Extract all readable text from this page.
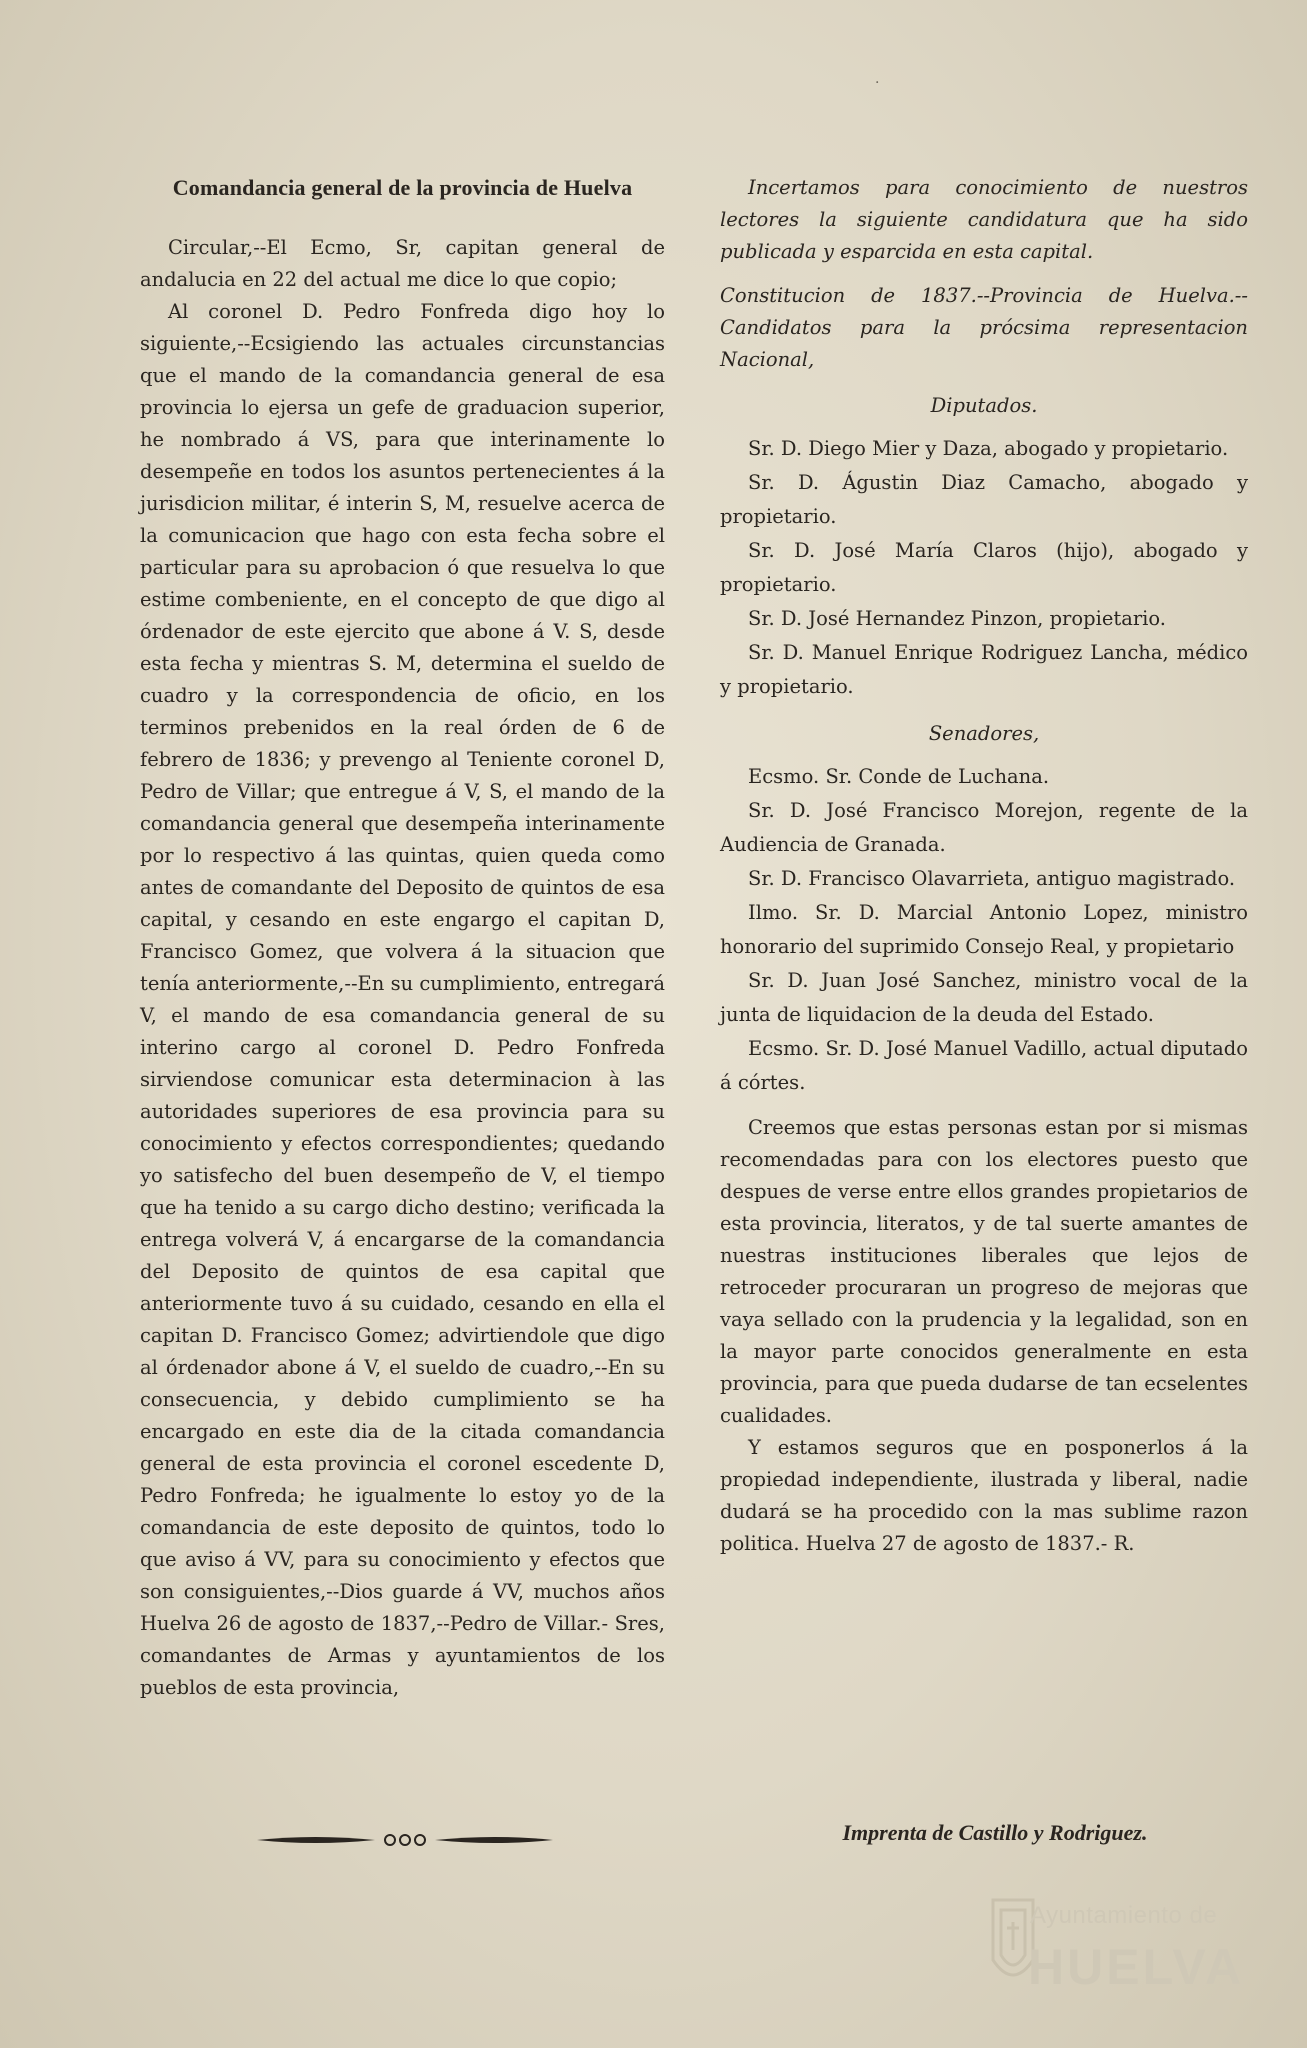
·
Comandancia general de la provincia de Huelva

Circular,--El Ecmo, Sr, capitan general de andalucia en 22 del actual me dice lo que copio;

Al coronel D. Pedro Fonfreda digo hoy lo siguiente,--Ecsigiendo las actuales circunstancias que el mando de la comandancia general de esa provincia lo ejersa un gefe de graduacion superior, he nombrado á VS, para que interinamente lo desempeñe en todos los asuntos pertenecientes á la jurisdicion militar, é interin S, M, resuelve acerca de la comunicacion que hago con esta fecha sobre el particular para su aprobacion ó que resuelva lo que estime combeniente, en el concepto de que digo al órdenador de este ejercito que abone á V. S, desde esta fecha y mientras S. M, determina el sueldo de cuadro y la correspondencia de oficio, en los terminos prebenidos en la real órden de 6 de febrero de 1836; y prevengo al Teniente coronel D, Pedro de Villar; que entregue á V, S, el mando de la comandancia general que desempeña interinamente por lo respectivo á las quintas, quien queda como antes de comandante del Deposito de quintos de esa capital, y cesando en este engargo el capitan D, Francisco Gomez, que volvera á la situacion que tenía anteriormente,--En su cumplimiento, entregará V, el mando de esa comandancia general de su interino cargo al coronel D. Pedro Fonfreda sirviendose comunicar esta determinacion à las autoridades superiores de esa provincia para su conocimiento y efectos correspondientes; quedando yo satisfecho del buen desempeño de V, el tiempo que ha tenido a su cargo dicho destino; verificada la entrega volverá V, á encargarse de la comandancia del Deposito de quintos de esa capital que anteriormente tuvo á su cuidado, cesando en ella el capitan D. Francisco Gomez; advirtiendole que digo al órdenador abone á V, el sueldo de cuadro,--En su consecuencia, y debido cumplimiento se ha encargado en este dia de la citada comandancia general de esta provincia el coronel escedente D, Pedro Fonfreda; he igualmente lo estoy yo de la comandancia de este deposito de quintos, todo lo que aviso á VV, para su conocimiento y efectos que son consiguientes,--Dios guarde á VV, muchos años Huelva 26 de agosto de 1837,--Pedro de Villar.- Sres, comandantes de Armas y ayuntamientos de los pueblos de esta provincia,

Incertamos para conocimiento de nuestros lectores la siguiente candidatura que ha sido publicada y esparcida en esta capital.

Constitucion de 1837.--Provincia de Huelva.--Candidatos para la prócsima representacion Nacional,

Diputados.

Sr. D. Diego Mier y Daza, abogado y propietario.

Sr. D. Águstin Diaz Camacho, abogado y propietario.

Sr. D. José María Claros (hijo), abogado y propietario.

Sr. D. José Hernandez Pinzon, propietario.

Sr. D. Manuel Enrique Rodriguez Lancha, médico y propietario.

Senadores,

Ecsmo. Sr. Conde de Luchana.

Sr. D. José Francisco Morejon, regente de la Audiencia de Granada.

Sr. D. Francisco Olavarrieta, antiguo magistrado.

Ilmo. Sr. D. Marcial Antonio Lopez, ministro honorario del suprimido Consejo Real, y propietario

Sr. D. Juan José Sanchez, ministro vocal de la junta de liquidacion de la deuda del Estado.

Ecsmo. Sr. D. José Manuel Vadillo, actual diputado á córtes.

Creemos que estas personas estan por si mismas recomendadas para con los electores puesto que despues de verse entre ellos grandes propietarios de esta provincia, literatos, y de tal suerte amantes de nuestras instituciones liberales que lejos de retroceder procuraran un progreso de mejoras que vaya sellado con la prudencia y la legalidad, son en la mayor parte conocidos generalmente en esta provincia, para que pueda dudarse de tan ecselentes cualidades.

Y estamos seguros que en posponerlos á la propiedad independiente, ilustrada y liberal, nadie dudará se ha procedido con la mas sublime razon politica. Huelva 27 de agosto de 1837.- R.

Imprenta de Castillo y Rodriguez.
Ayuntamiento de
HUELVA
